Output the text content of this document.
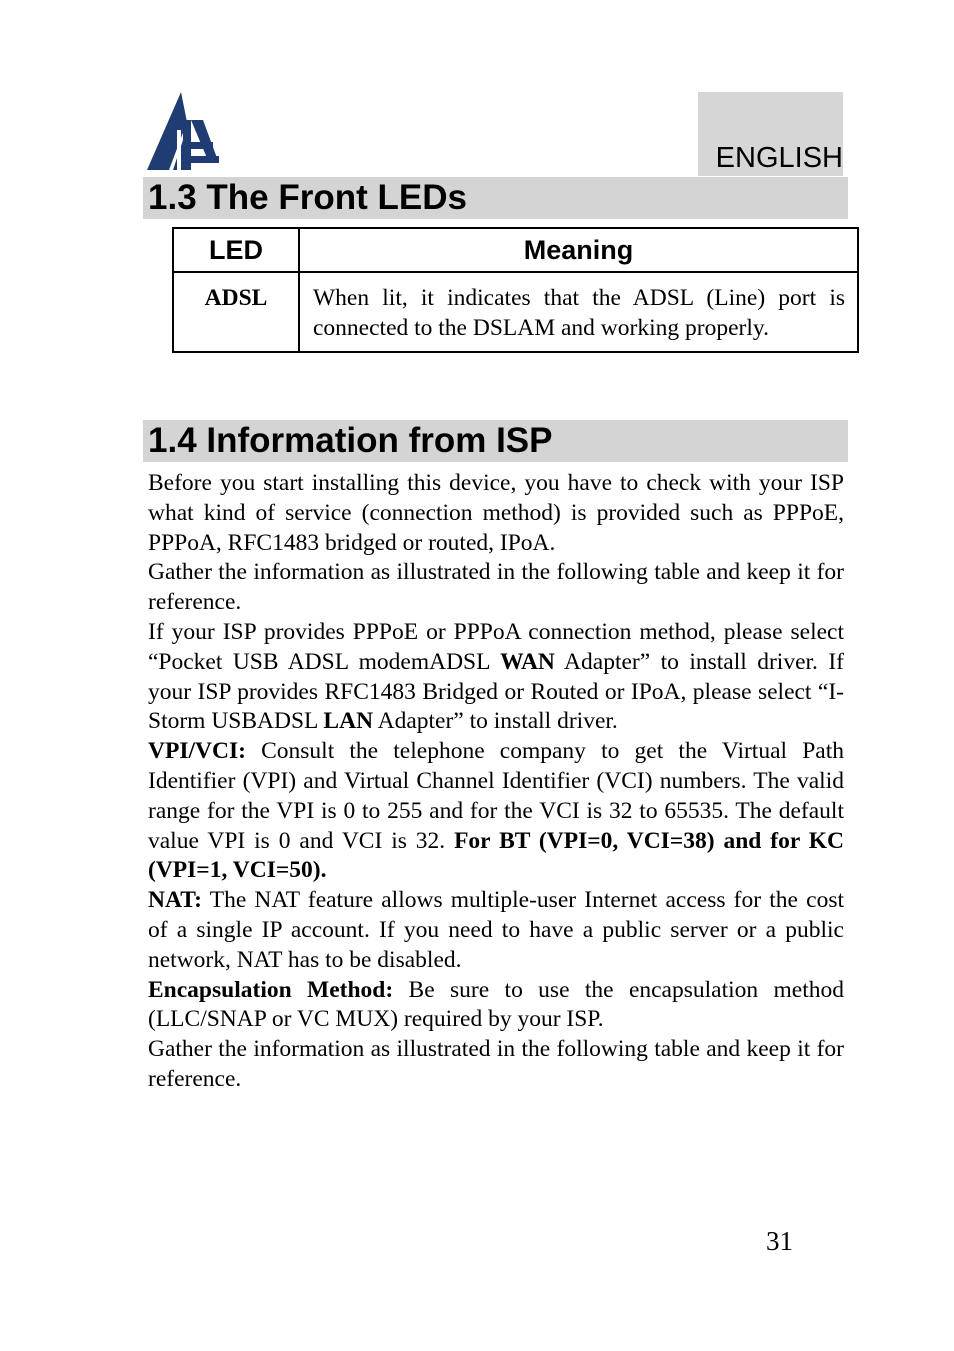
ENGLISH
1.3 The Front LEDs
LED	Meaning
ADSL	When lit, it indicates that the ADSL (Line) port is connected to the DSLAM and working properly.
1.4 Information from ISP

Before you start installing this device, you have to check with your ISP what kind of service (connection method) is provided such as PPPoE, PPPoA, RFC1483 bridged or routed, IPoA.

Gather the information as illustrated in the following table and keep it for reference.

If your ISP provides PPPoE or PPPoA connection method, please select “Pocket USB ADSL modemADSL WAN Adapter” to install driver. If your ISP provides RFC1483 Bridged or Routed or IPoA, please select “I-Storm USBADSL LAN Adapter” to install driver.

VPI/VCI: Consult the telephone company to get the Virtual Path Identifier (VPI) and Virtual Channel Identifier (VCI) numbers. The valid range for the VPI is 0 to 255 and for the VCI is 32 to 65535. The default value VPI is 0 and VCI is 32. For BT (VPI=0, VCI=38) and for KC (VPI=1, VCI=50).

NAT: The NAT feature allows multiple-user Internet access for the cost of a single IP account. If you need to have a public server or a public network, NAT has to be disabled.

Encapsulation Method: Be sure to use the encapsulation method (LLC/SNAP or VC MUX) required by your ISP.

Gather the information as illustrated in the following table and keep it for reference.

31
